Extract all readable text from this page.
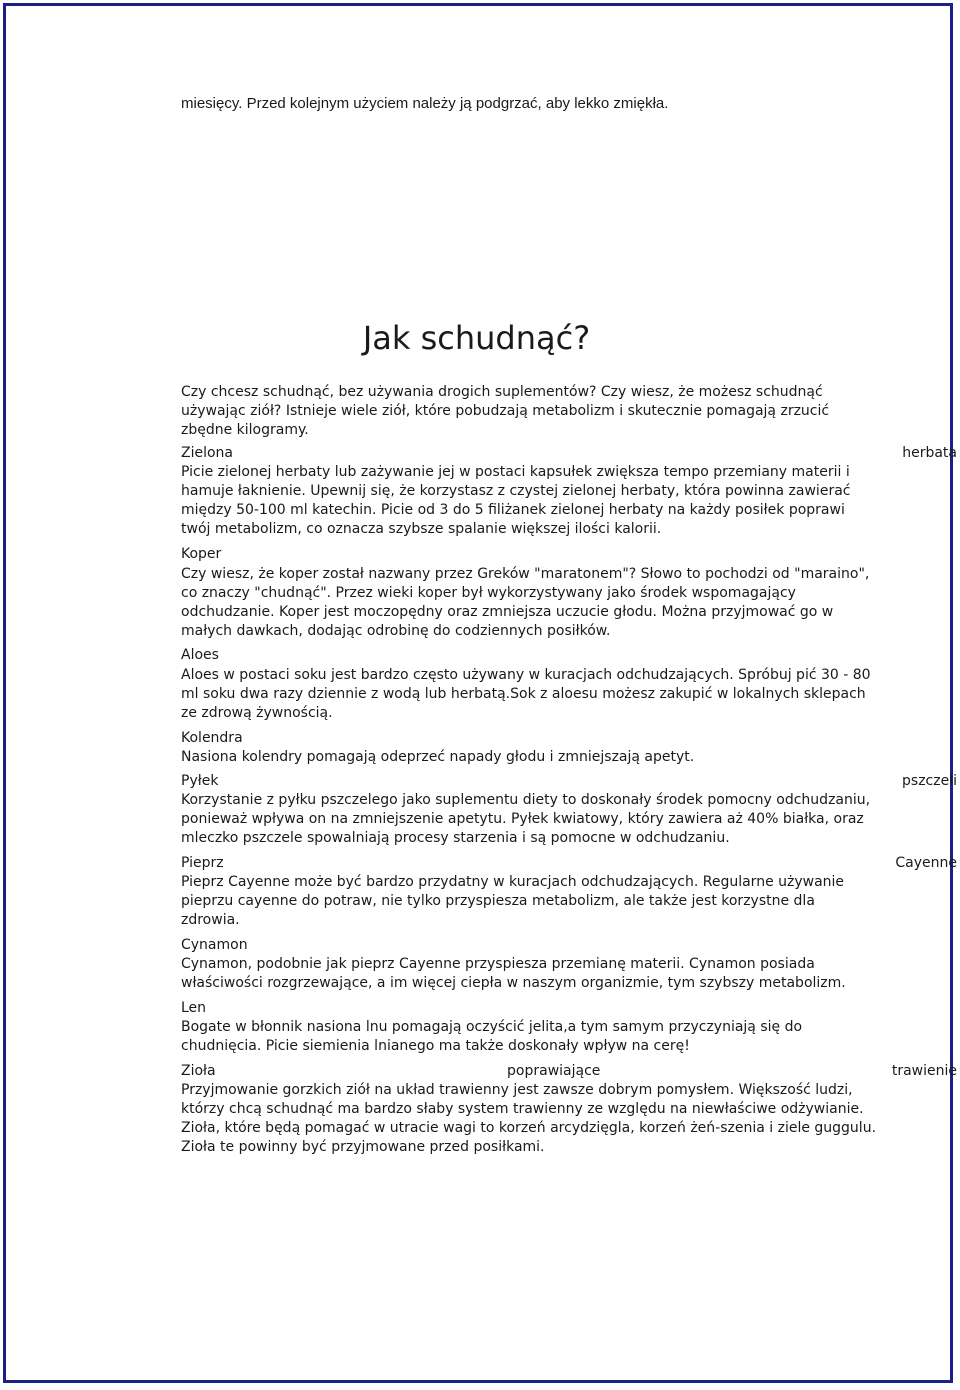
miesięcy. Przed kolejnym użyciem należy ją podgrzać, aby lekko zmiękła.
Czy chcesz schudnąć, bez używania drogich suplementów? Czy wiesz, że możesz schudnąć
używając ziół? Istnieje wiele ziół, które pobudzają metabolizm i skutecznie pomagają zrzucić
zbędne kilogramy.
Zielona	herbata
Picie zielonej herbaty lub zażywanie jej w postaci kapsułek zwiększa tempo przemiany materii i
hamuje łaknienie. Upewnij się, że korzystasz z czystej zielonej herbaty, która powinna zawierać
między 50-100 ml katechin. Picie od 3 do 5 filiżanek zielonej herbaty na każdy posiłek poprawi
twój metabolizm, co oznacza szybsze spalanie większej ilości kalorii.
Koper
Czy wiesz, że koper został nazwany przez Greków "maratonem"? Słowo to pochodzi od "maraino",
co znaczy "chudnąć". Przez wieki koper był wykorzystywany jako środek wspomagający
odchudzanie. Koper jest moczopędny oraz zmniejsza uczucie głodu. Można przyjmować go w
małych dawkach, dodając odrobinę do codziennych posiłków.
Aloes
Aloes w postaci soku jest bardzo często używany w kuracjach odchudzających. Spróbuj pić 30 - 80
ml soku dwa razy dziennie z wodą lub herbatą.Sok z aloesu możesz zakupić w lokalnych sklepach
ze zdrową żywnością.
Kolendra
Nasiona kolendry pomagają odeprzeć napady głodu i zmniejszają apetyt.
Pyłek	pszczeli
Korzystanie z pyłku pszczelego jako suplementu diety to doskonały środek pomocny odchudzaniu,
ponieważ wpływa on na zmniejszenie apetytu. Pyłek kwiatowy, który zawiera aż 40% białka, oraz
mleczko pszczele spowalniają procesy starzenia i są pomocne w odchudzaniu.
Pieprz	Cayenne
Pieprz Cayenne może być bardzo przydatny w kuracjach odchudzających. Regularne używanie
pieprzu cayenne do potraw, nie tylko przyspiesza metabolizm, ale także jest korzystne dla
zdrowia.
Cynamon
Cynamon, podobnie jak pieprz Cayenne przyspiesza przemianę materii. Cynamon posiada
właściwości rozgrzewające, a im więcej ciepła w naszym organizmie, tym szybszy metabolizm.
Len
Bogate w błonnik nasiona lnu pomagają oczyścić jelita,a tym samym przyczyniają się do
chudnięcia. Picie siemienia lnianego ma także doskonały wpływ na cerę!
Zioła	poprawiające	trawienie
Przyjmowanie gorzkich ziół na układ trawienny jest zawsze dobrym pomysłem. Większość ludzi,
którzy chcą schudnąć ma bardzo słaby system trawienny ze względu na niewłaściwe odżywianie.
Zioła, które będą pomagać w utracie wagi to korzeń arcydzięgla, korzeń żeń-szenia i ziele guggulu.
Zioła te powinny być przyjmowane przed posiłkami.
Jak schudnąć?
